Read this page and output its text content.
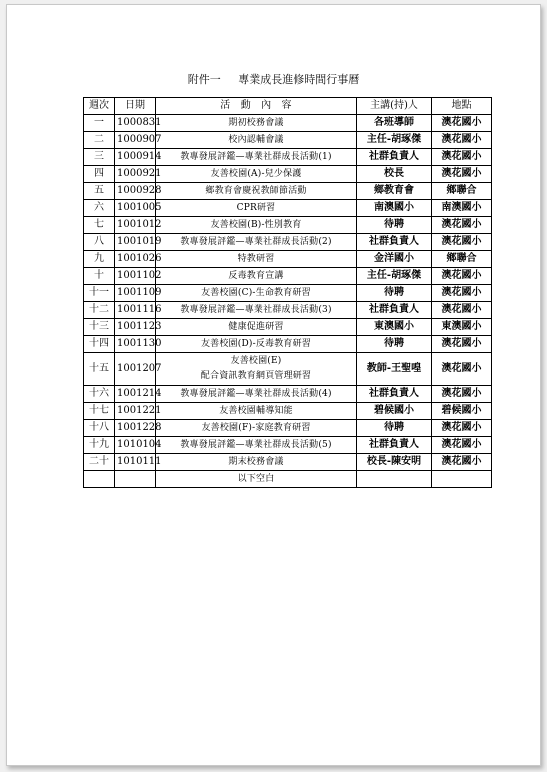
附件一     專業成長進修時間行事曆
週次	日期	活　動　內　容	主講(持)人	地點
一	1000831	期初校務會議	各班導師	澳花國小
二	1000907	校內認輔會議	主任-胡琢傑	澳花國小
三	1000914	教專發展評鑑—專業社群成長活動(1)	社群負責人	澳花國小
四	1000921	友善校園(A)-兒少保護	校長	澳花國小
五	1000928	鄉教育會慶祝教師節活動	鄉教育會	鄉聯合
六	1001005	CPR研習	南澳國小	南澳國小
七	1001012	友善校園(B)-性別教育	待聘	澳花國小
八	1001019	教專發展評鑑—專業社群成長活動(2)	社群負責人	澳花國小
九	1001026	特教研習	金洋國小	鄉聯合
十	1001102	反毒教育宣講	主任-胡琢傑	澳花國小
十一	1001109	友善校園(C)-生命教育研習	待聘	澳花國小
十二	1001116	教專發展評鑑—專業社群成長活動(3)	社群負責人	澳花國小
十三	1001123	健康促進研習	東澳國小	東澳國小
十四	1001130	友善校園(D)-反毒教育研習	待聘	澳花國小
十五	1001207	友善校園(E)
配合資訊教育網頁管理研習	教師-王聖喤	澳花國小
十六	1001214	教專發展評鑑—專業社群成長活動(4)	社群負責人	澳花國小
十七	1001221	友善校園輔導知能	碧候國小	碧候國小
十八	1001228	友善校園(F)-家庭教育研習	待聘	澳花國小
十九	1010104	教專發展評鑑—專業社群成長活動(5)	社群負責人	澳花國小
二十	1010111	期末校務會議	校長-陳安明	澳花國小
		以下空白		
